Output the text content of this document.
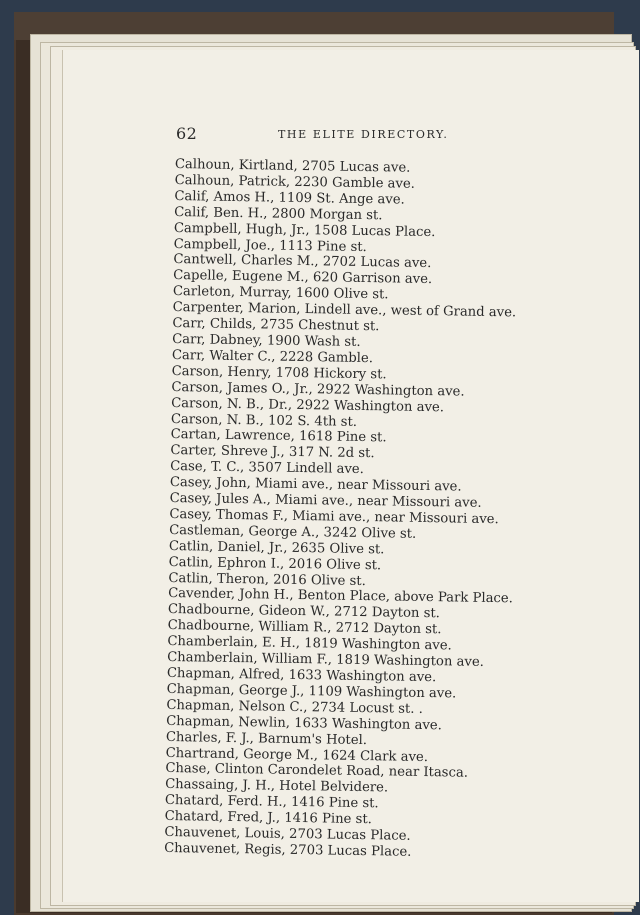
62	THE ELITE DIRECTORY.
Calhoun, Kirtland, 2705 Lucas ave.
Calhoun, Patrick, 2230 Gamble ave.
Calif, Amos H., 1109 St. Ange ave.
Calif, Ben. H., 2800 Morgan st.
Campbell, Hugh, Jr., 1508 Lucas Place.
Campbell, Joe., 1113 Pine st.
Cantwell, Charles M., 2702 Lucas ave.
Capelle, Eugene M., 620 Garrison ave.
Carleton, Murray, 1600 Olive st.
Carpenter, Marion, Lindell ave., west of Grand ave.
Carr, Childs, 2735 Chestnut st.
Carr, Dabney, 1900 Wash st.
Carr, Walter C., 2228 Gamble.
Carson, Henry, 1708 Hickory st.
Carson, James O., Jr., 2922 Washington ave.
Carson, N. B., Dr., 2922 Washington ave.
Carson, N. B., 102 S. 4th st.
Cartan, Lawrence, 1618 Pine st.
Carter, Shreve J., 317 N. 2d st.
Case, T. C., 3507 Lindell ave.
Casey, John, Miami ave., near Missouri ave.
Casey, Jules A., Miami ave., near Missouri ave.
Casey, Thomas F., Miami ave., near Missouri ave.
Castleman, George A., 3242 Olive st.
Catlin, Daniel, Jr., 2635 Olive st.
Catlin, Ephron I., 2016 Olive st.
Catlin, Theron, 2016 Olive st.
Cavender, John H., Benton Place, above Park Place.
Chadbourne, Gideon W., 2712 Dayton st.
Chadbourne, William R., 2712 Dayton st.
Chamberlain, E. H., 1819 Washington ave.
Chamberlain, William F., 1819 Washington ave.
Chapman, Alfred, 1633 Washington ave.
Chapman, George J., 1109 Washington ave.
Chapman, Nelson C., 2734 Locust st. .
Chapman, Newlin, 1633 Washington ave.
Charles, F. J., Barnum's Hotel.
Chartrand, George M., 1624 Clark ave.
Chase, Clinton Carondelet Road, near Itasca.
Chassaing, J. H., Hotel Belvidere.
Chatard, Ferd. H., 1416 Pine st.
Chatard, Fred, J., 1416 Pine st.
Chauvenet, Louis, 2703 Lucas Place.
Chauvenet, Regis, 2703 Lucas Place.
